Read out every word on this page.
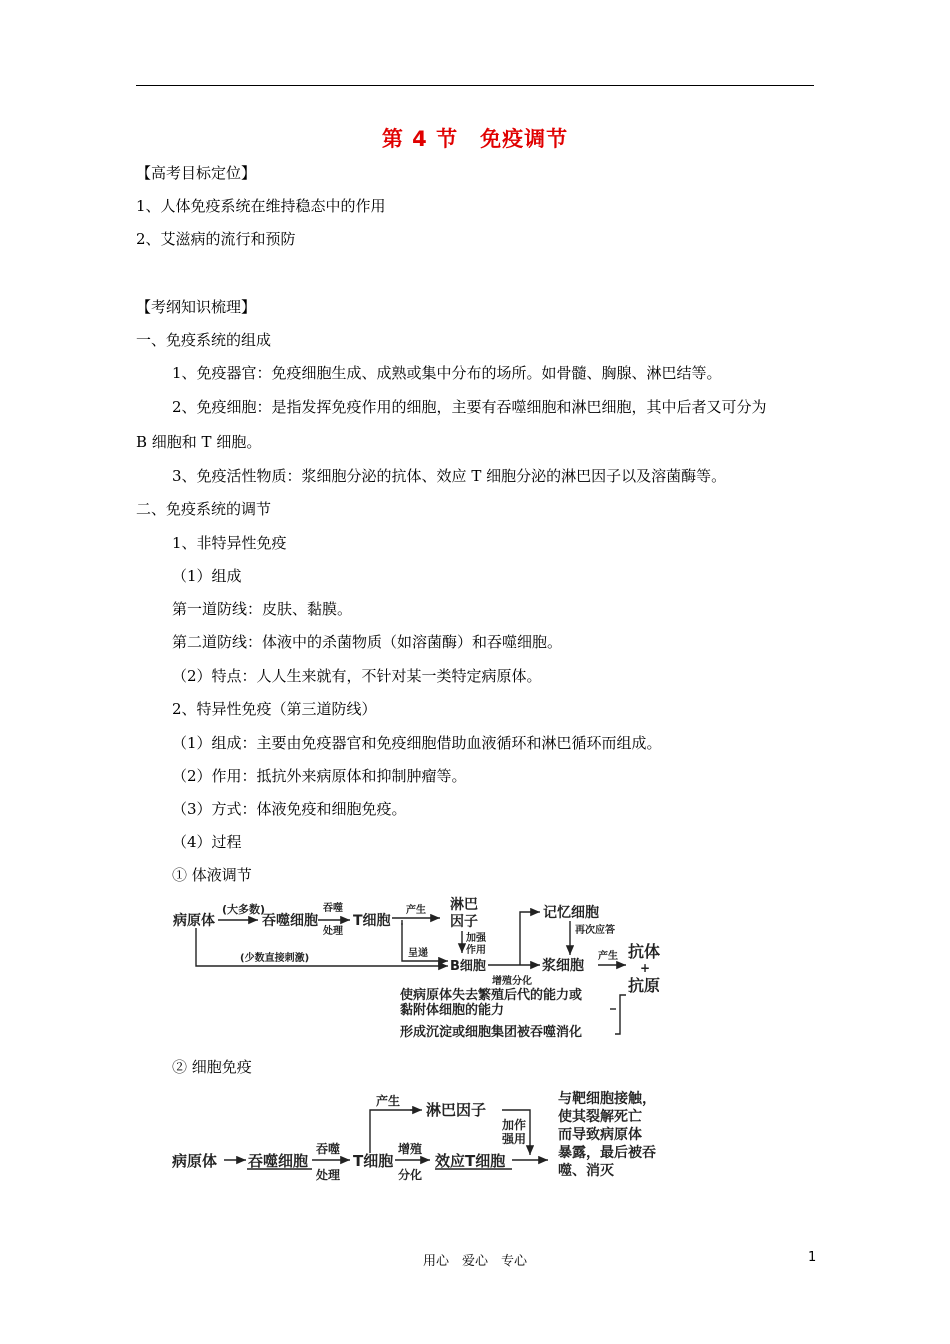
第 4 节　免疫调节
【高考目标定位】
1、人体免疫系统在维持稳态中的作用
2、艾滋病的流行和预防
【考纲知识梳理】
一、免疫系统的组成
1、免疫器官：免疫细胞生成、成熟或集中分布的场所。如骨髓、胸腺、淋巴结等。
2、免疫细胞：是指发挥免疫作用的细胞，主要有吞噬细胞和淋巴细胞，其中后者又可分为
B 细胞和 T 细胞。
3、免疫活性物质：浆细胞分泌的抗体、效应 T 细胞分泌的淋巴因子以及溶菌酶等。
二、免疫系统的调节
1、非特异性免疫
（1）组成
第一道防线：皮肤、黏膜。
第二道防线：体液中的杀菌物质（如溶菌酶）和吞噬细胞。
（2）特点：人人生来就有，不针对某一类特定病原体。
2、特异性免疫（第三道防线）
（1）组成：主要由免疫器官和免疫细胞借助血液循环和淋巴循环而组成。
（2）作用：抵抗外来病原体和抑制肿瘤等。
（3）方式：体液免疫和细胞免疫。
（4）过程
① 体液调节
病原体
(大多数)
吞噬细胞
吞噬
处理
T细胞
产生 淋巴
因子
加强
作用
呈递
(少数直接刺激)
B细胞
增殖分化
记忆细胞
再次应答
浆细胞
产生 抗体
+
抗原
使病原体失去繁殖后代的能力或
黏附体细胞的能力
形成沉淀或细胞集团被吞噬消化
② 细胞免疫
病原体 吞噬细胞
吞噬
处理
T细胞
产生 淋巴因子
加作
强用
增殖
分化
效应T细胞
与靶细胞接触，
使其裂解死亡
而导致病原体
暴露，最后被吞
噬、消灭
用心　爱心　专心	1
